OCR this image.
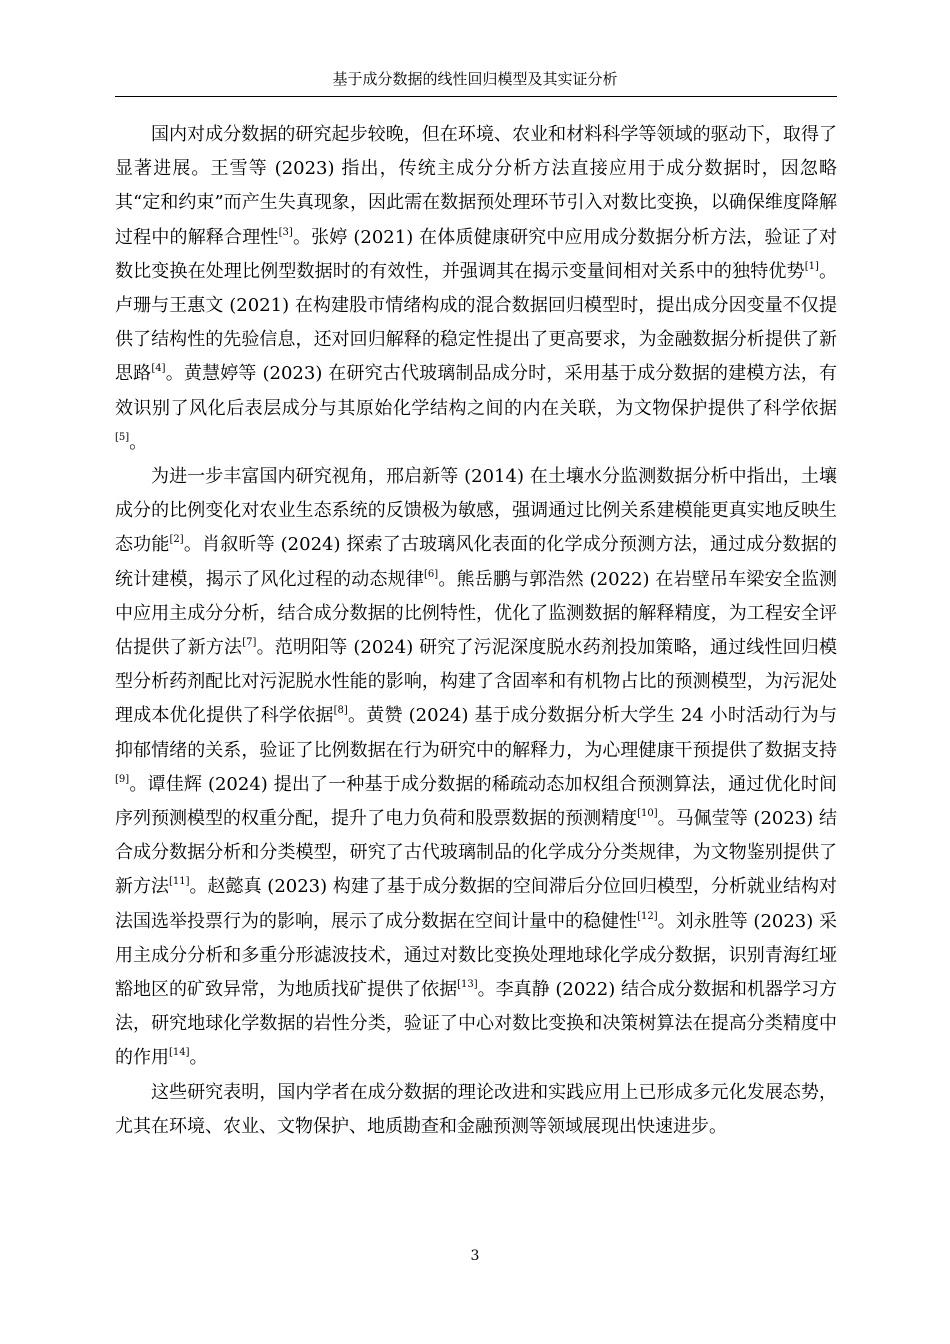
基于成分数据的线性回归模型及其实证分析

国内对成分数据的研究起步较晚，但在环境、农业和材料科学等领域的驱动下，取得了显著进展。王雪等 (2023) 指出，传统主成分分析方法直接应用于成分数据时，因忽略其“定和约束”而产生失真现象，因此需在数据预处理环节引入对数比变换，以确保维度降解过程中的解释合理性[3]。张婷 (2021) 在体质健康研究中应用成分数据分析方法，验证了对数比变换在处理比例型数据时的有效性，并强调其在揭示变量间相对关系中的独特优势[1]。卢珊与王惠文 (2021) 在构建股市情绪构成的混合数据回归模型时，提出成分因变量不仅提供了结构性的先验信息，还对回归解释的稳定性提出了更高要求，为金融数据分析提供了新思路[4]。黄慧婷等 (2023) 在研究古代玻璃制品成分时，采用基于成分数据的建模方法，有效识别了风化后表层成分与其原始化学结构之间的内在关联，为文物保护提供了科学依据[5]。

为进一步丰富国内研究视角，邢启新等 (2014) 在土壤水分监测数据分析中指出，土壤成分的比例变化对农业生态系统的反馈极为敏感，强调通过比例关系建模能更真实地反映生态功能[2]。肖叙昕等 (2024) 探索了古玻璃风化表面的化学成分预测方法，通过成分数据的统计建模，揭示了风化过程的动态规律[6]。熊岳鹏与郭浩然 (2022) 在岩壁吊车梁安全监测中应用主成分分析，结合成分数据的比例特性，优化了监测数据的解释精度，为工程安全评估提供了新方法[7]。范明阳等 (2024) 研究了污泥深度脱水药剂投加策略，通过线性回归模型分析药剂配比对污泥脱水性能的影响，构建了含固率和有机物占比的预测模型，为污泥处理成本优化提供了科学依据[8]。黄赞 (2024) 基于成分数据分析大学生 24 小时活动行为与抑郁情绪的关系，验证了比例数据在行为研究中的解释力，为心理健康干预提供了数据支持[9]。谭佳辉 (2024) 提出了一种基于成分数据的稀疏动态加权组合预测算法，通过优化时间序列预测模型的权重分配，提升了电力负荷和股票数据的预测精度[10]。马佩莹等 (2023) 结合成分数据分析和分类模型，研究了古代玻璃制品的化学成分分类规律，为文物鉴别提供了新方法[11]。赵懿真 (2023) 构建了基于成分数据的空间滞后分位回归模型，分析就业结构对法国选举投票行为的影响，展示了成分数据在空间计量中的稳健性[12]。刘永胜等 (2023) 采用主成分分析和多重分形滤波技术，通过对数比变换处理地球化学成分数据，识别青海红垭豁地区的矿致异常，为地质找矿提供了依据[13]。李真静 (2022) 结合成分数据和机器学习方法，研究地球化学数据的岩性分类，验证了中心对数比变换和决策树算法在提高分类精度中的作用[14]。

这些研究表明，国内学者在成分数据的理论改进和实践应用上已形成多元化发展态势，尤其在环境、农业、文物保护、地质勘查和金融预测等领域展现出快速进步。

3
